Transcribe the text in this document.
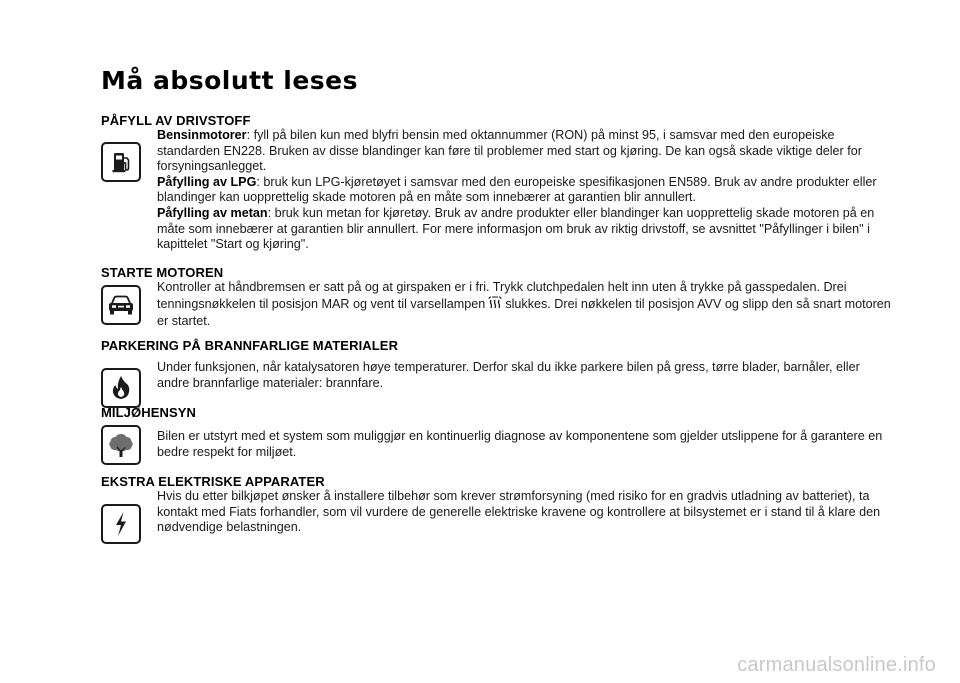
Må absolutt leses
PÅFYLL AV DRIVSTOFF

Bensinmotorer: fyll på bilen kun med blyfri bensin med oktannummer (RON) på minst 95, i samsvar med den europeiske standarden EN228. Bruken av disse blandinger kan føre til problemer med start og kjøring. De kan også skade viktige deler for forsyningsanlegget.

Påfylling av LPG: bruk kun LPG-kjøretøyet i samsvar med den europeiske spesifikasjonen EN589. Bruk av andre produkter eller blandinger kan uopprettelig skade motoren på en måte som innebærer at garantien blir annullert.

Påfylling av metan: bruk kun metan for kjøretøy. Bruk av andre produkter eller blandinger kan uopprettelig skade motoren på en måte som innebærer at garantien blir annullert. For mere informasjon om bruk av riktig drivstoff, se avsnittet "Påfyllinger i bilen" i kapittelet "Start og kjøring".

STARTE MOTOREN

Kontroller at håndbremsen er satt på og at girspaken er i fri. Trykk clutchpedalen helt inn uten å trykke på gasspedalen. Drei tenningsnøkkelen til posisjon MAR og vent til varsellampen slukkes. Drei nøkkelen til posisjon AVV og slipp den så snart motoren er startet.

PARKERING PÅ BRANNFARLIGE MATERIALER

Under funksjonen, når katalysatoren høye temperaturer. Derfor skal du ikke parkere bilen på gress, tørre blader, barnåler, eller andre brannfarlige materialer: brannfare.

MILJØHENSYN

Bilen er utstyrt med et system som muliggjør en kontinuerlig diagnose av komponentene som gjelder utslippene for å garantere en bedre respekt for miljøet.

EKSTRA ELEKTRISKE APPARATER

Hvis du etter bilkjøpet ønsker å installere tilbehør som krever strømforsyning (med risiko for en gradvis utladning av batteriet), ta kontakt med Fiats forhandler, som vil vurdere de generelle elektriske kravene og kontrollere at bilsystemet er i stand til å klare den nødvendige belastningen.

carmanualsonline.info
